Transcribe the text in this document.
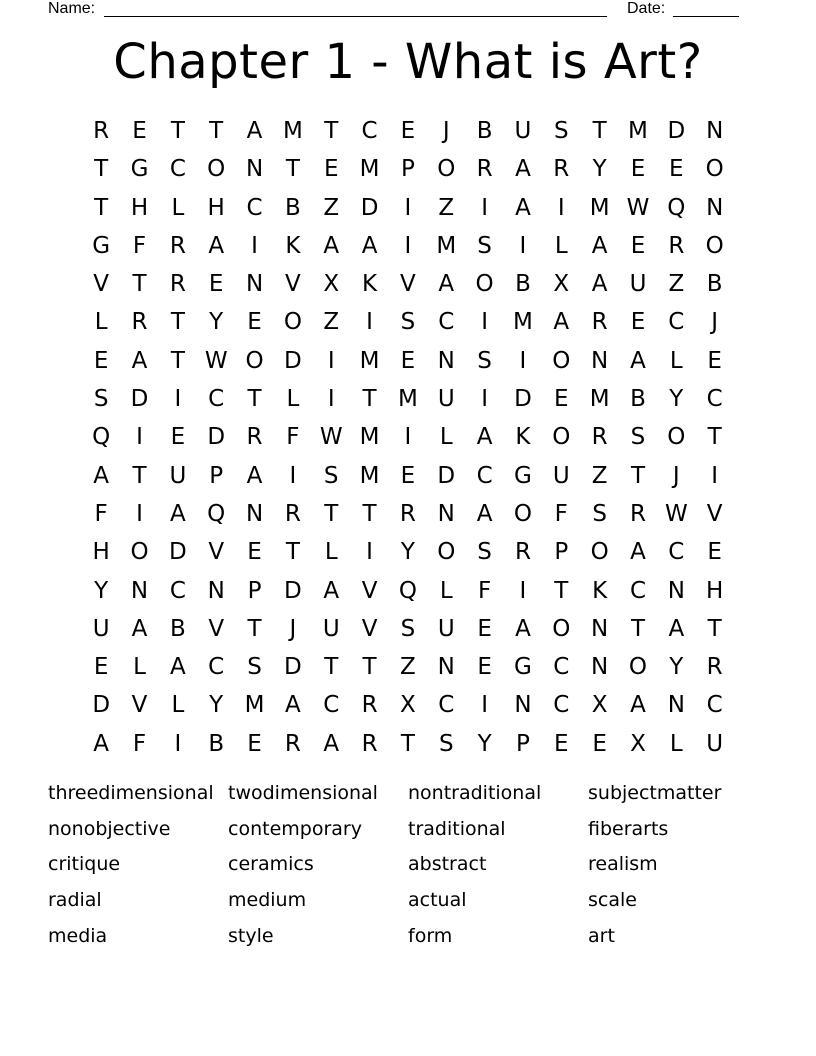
Name:	Date:
Chapter 1 - What is Art?
R	E	T	T	A M T	C	E	J	B U S	T M D N
T G C O N T	E M P O R A R	Y	E	E O
T H	L	H C B Z D	I	Z	I	A	I	M W Q N
G F	R A	I	K A A	I	M S	I	L	A	E	R O
V	T	R	E N V X K V A O B X A U Z B
L	R	T	Y	E O Z	I	S	C	I	M A R	E	C	J
E	A	T W O D	I	M E N S	I	O N A	L	E
S D	I	C	T	L	I	T M U	I	D E M B	Y	C
Q	I	E D R	F W M	I	L	A K O R	S O T
A	T U P	A	I	S M E D C G U Z	T	J	I
F	I	A Q N R	T	T	R N A O F	S	R W V
H O D V	E	T	L	I	Y O S	R	P O A C	E
Y N C N P D A V Q L	F	I	T	K C N H
U A B V	T	J	U V	S U E	A O N T	A	T
E	L	A C	S D T	T	Z N E G C N O Y	R
D V	L	Y M A C R X C	I	N C X A N C
A	F	I	B	E	R A R	T	S	Y	P	E	E	X	L	U
threedimensional twodimensional	nontraditional	subjectmatter
nonobjective	contemporary	traditional	fiberarts
critique	ceramics	abstract	realism
radial	medium	actual	scale
media	style	form	art
